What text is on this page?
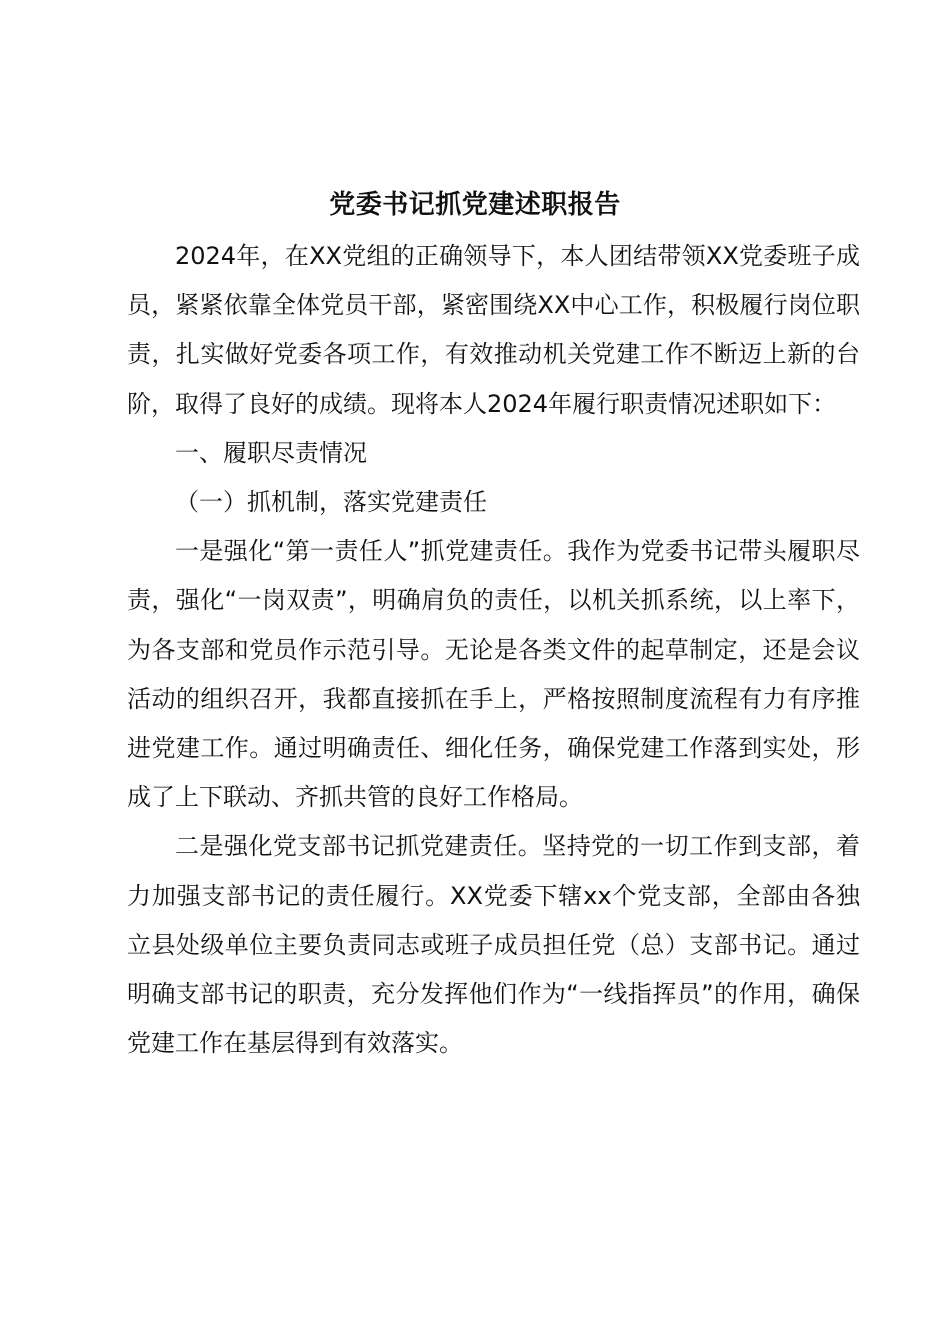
党委书记抓党建述职报告

2024年，在XX党组的正确领导下，本人团结带领XX党委班子成员，紧紧依靠全体党员干部，紧密围绕XX中心工作，积极履行岗位职责，扎实做好党委各项工作，有效推动机关党建工作不断迈上新的台阶，取得了良好的成绩。现将本人2024年履行职责情况述职如下：

一、履职尽责情况

（一）抓机制，落实党建责任

一是强化“第一责任人”抓党建责任。我作为党委书记带头履职尽责，强化“一岗双责”，明确肩负的责任，以机关抓系统，以上率下，为各支部和党员作示范引导。无论是各类文件的起草制定，还是会议活动的组织召开，我都直接抓在手上，严格按照制度流程有力有序推进党建工作。通过明确责任、细化任务，确保党建工作落到实处，形成了上下联动、齐抓共管的良好工作格局。

二是强化党支部书记抓党建责任。坚持党的一切工作到支部，着力加强支部书记的责任履行。XX党委下辖xx个党支部，全部由各独立县处级单位主要负责同志或班子成员担任党（总）支部书记。通过明确支部书记的职责，充分发挥他们作为“一线指挥员”的作用，确保党建工作在基层得到有效落实。
